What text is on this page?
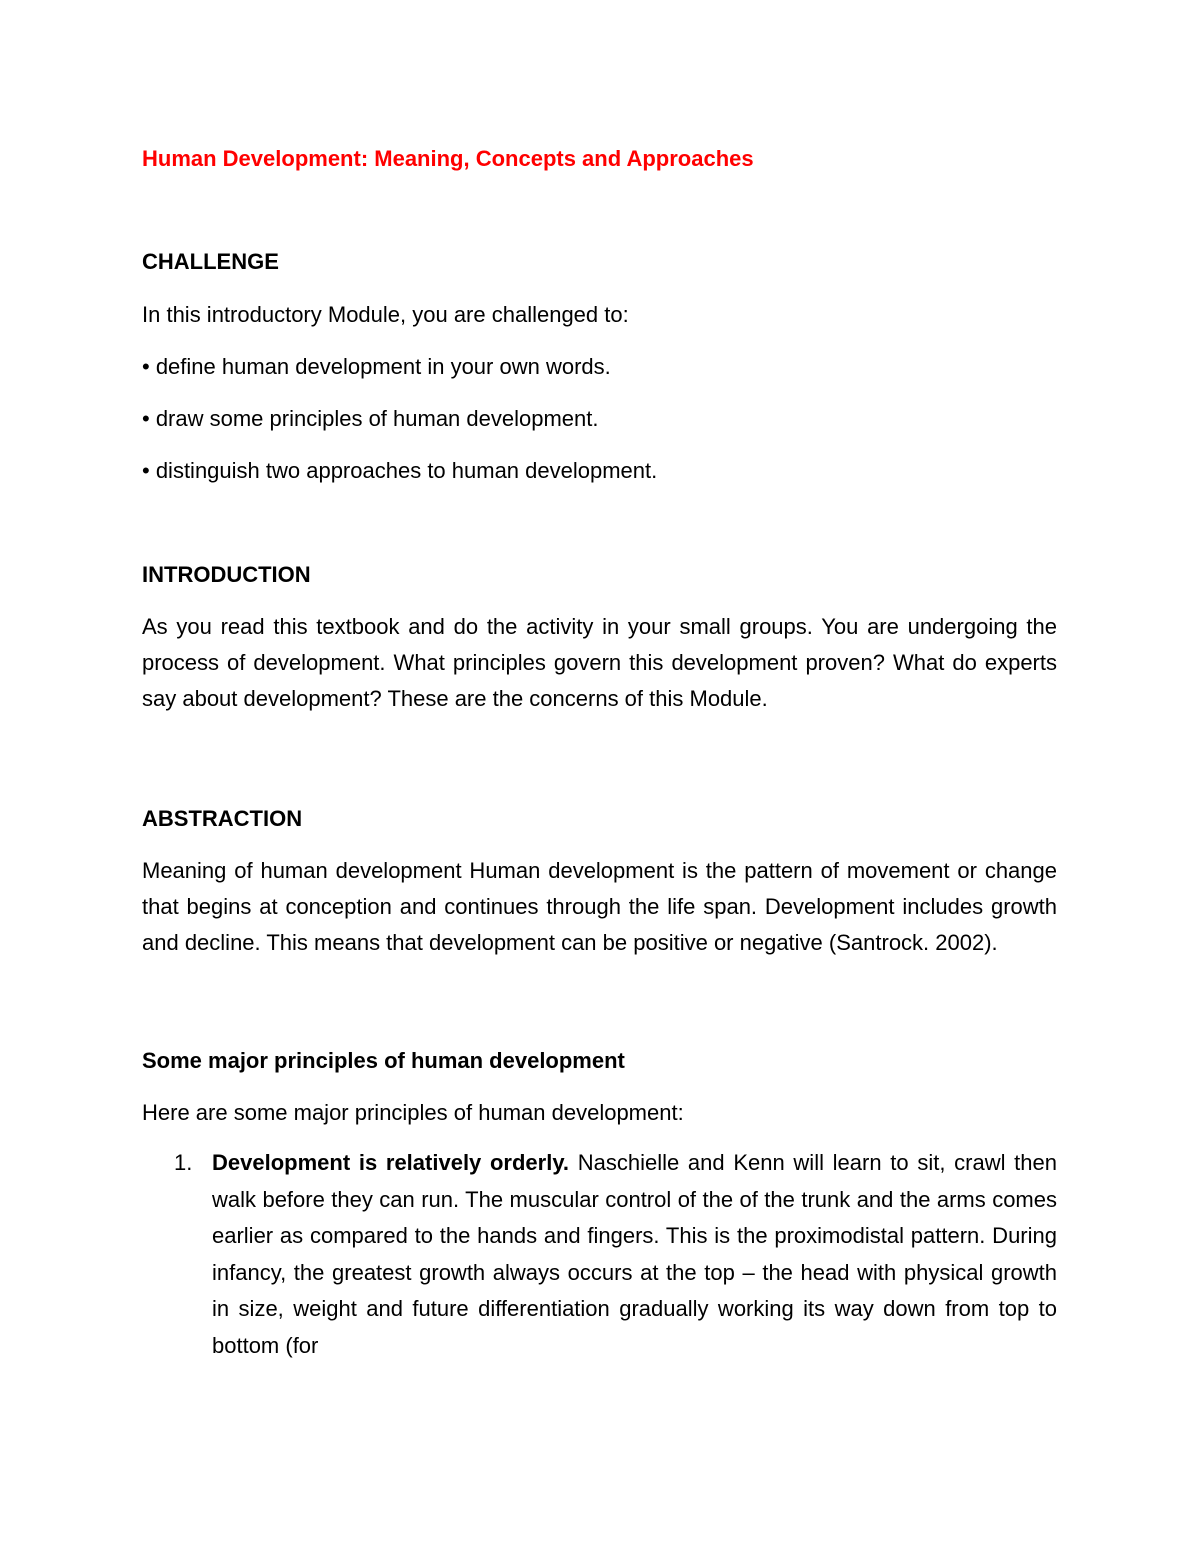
Human Development: Meaning, Concepts and Approaches

CHALLENGE

In this introductory Module, you are challenged to:

• define human development in your own words.

• draw some principles of human development.

• distinguish two approaches to human development.

INTRODUCTION

As you read this textbook and do the activity in your small groups. You are undergoing the process of development. What principles govern this development proven? What do experts say about development? These are the concerns of this Module.

ABSTRACTION

Meaning of human development Human development is the pattern of movement or change that begins at conception and continues through the life span. Development includes growth and decline. This means that development can be positive or negative (Santrock. 2002).

Some major principles of human development

Here are some major principles of human development:

1. Development is relatively orderly. Naschielle and Kenn will learn to sit, crawl then walk before they can run. The muscular control of the of the trunk and the arms comes earlier as compared to the hands and fingers. This is the proximodistal pattern. During infancy, the greatest growth always occurs at the top – the head with physical growth in size, weight and future differentiation gradually working its way down from top to bottom (for
